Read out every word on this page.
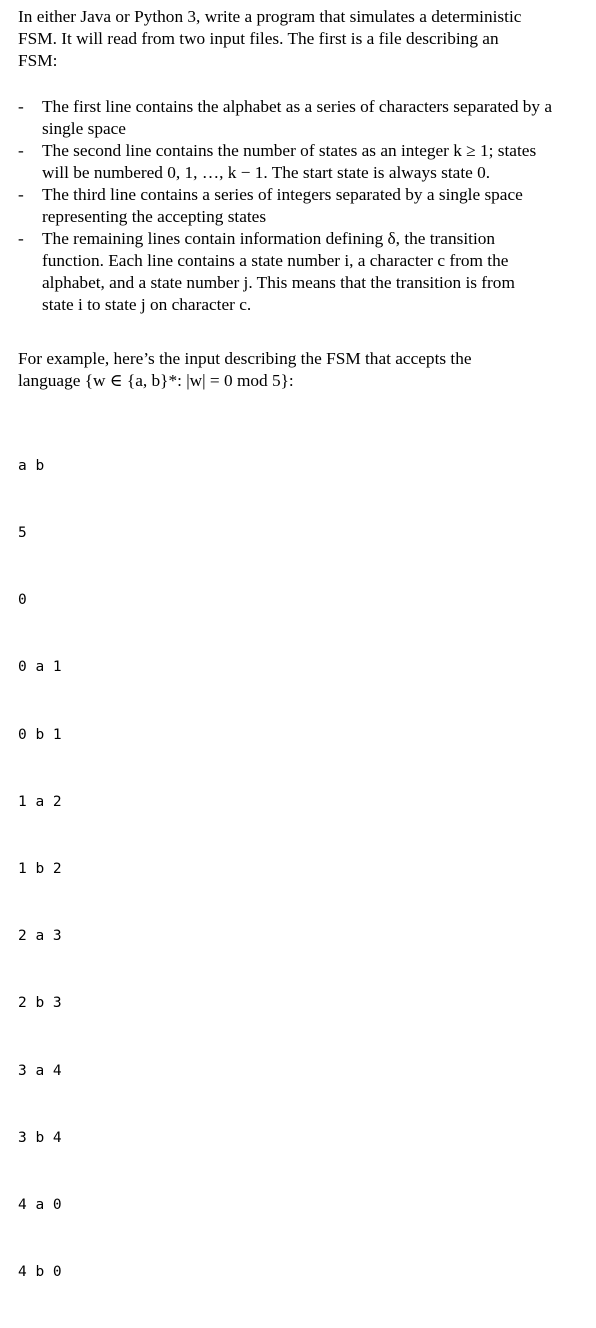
In either Java or Python 3, write a program that simulates a deterministic
FSM. It will read from two input files. The first is a file describing an
FSM:

- The first line contains the alphabet as a series of characters separated by a
single space
- The second line contains the number of states as an integer k ≥ 1; states
will be numbered 0, 1, …, k − 1. The start state is always state 0.
- The third line contains a series of integers separated by a single space
representing the accepting states
- The remaining lines contain information defining δ, the transition
function. Each line contains a state number i, a character c from the
alphabet, and a state number j. This means that the transition is from
state i to state j on character c.

For example, here’s the input describing the FSM that accepts the
language {w ∈ {a, b}*: |w| = 0 mod 5}:

a b

5

0

0 a 1

0 b 1

1 a 2

1 b 2

2 a 3

2 b 3

3 a 4

3 b 4

4 a 0

4 b 0
